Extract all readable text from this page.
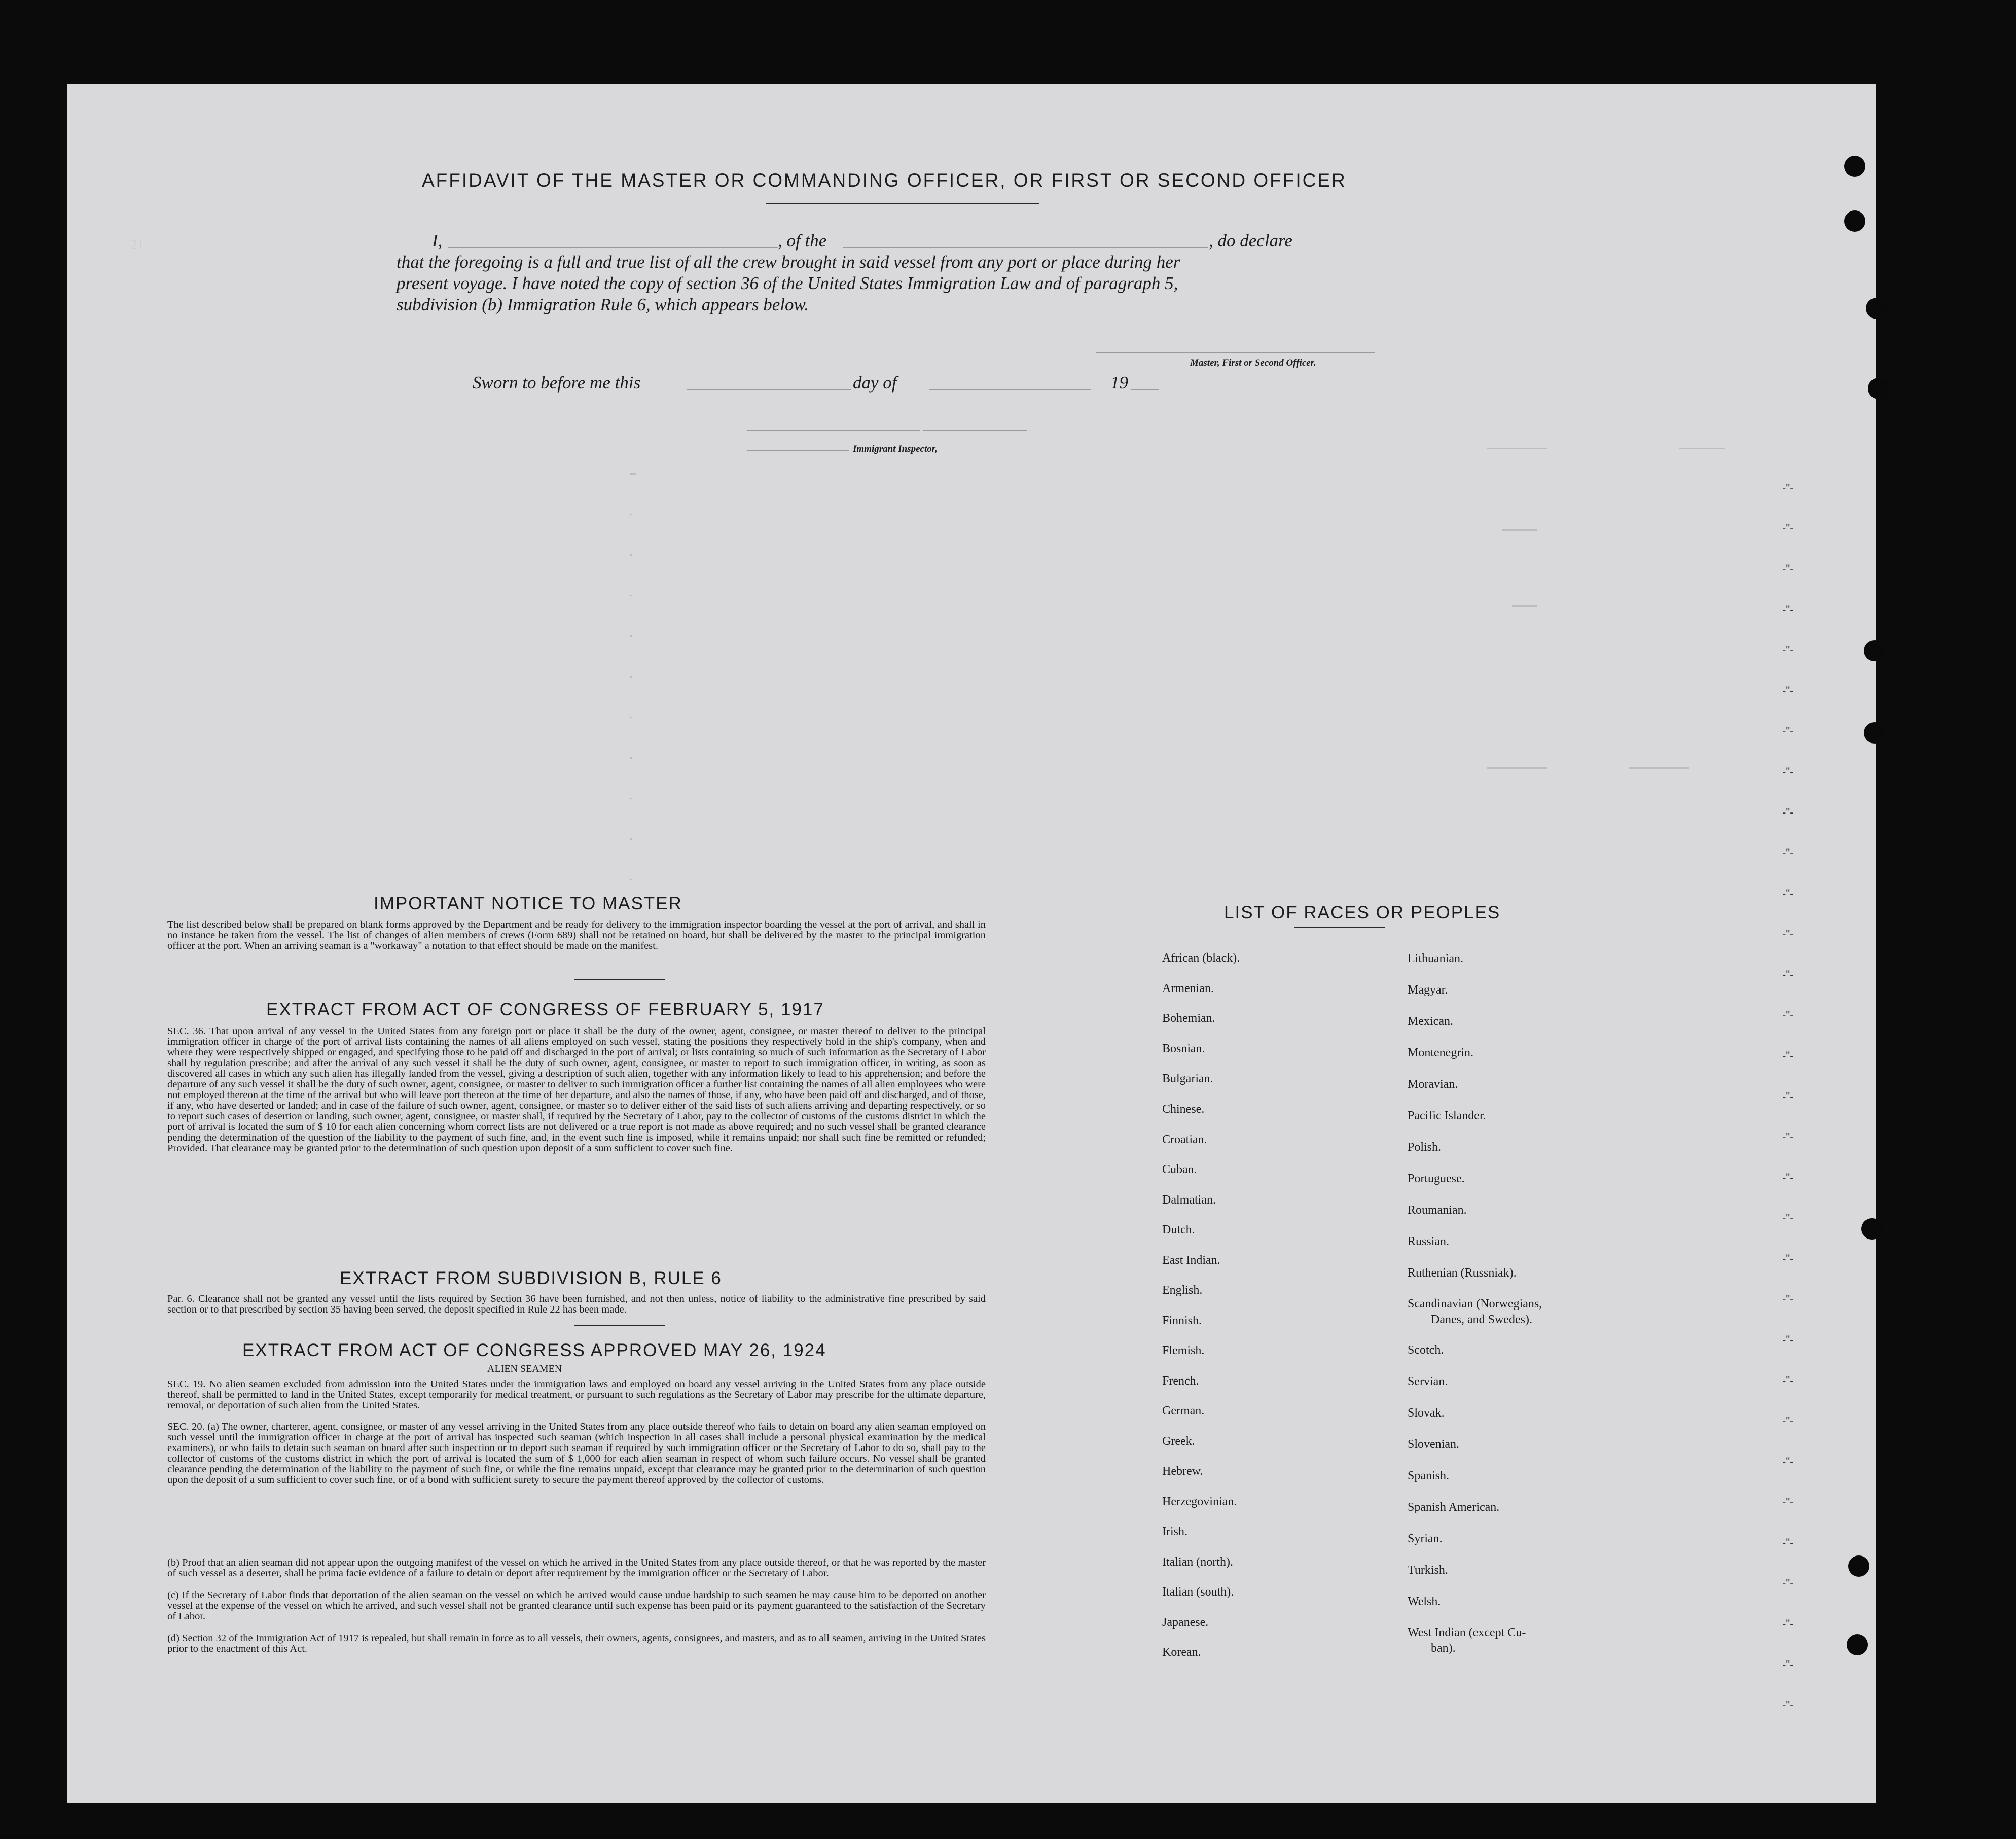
AFFIDAVIT OF THE MASTER OR COMMANDING OFFICER, OR FIRST OR SECOND OFFICER
I,	, of the	, do declare
that the foregoing is a full and true list of all the crew brought in said vessel from any port or place during her
present voyage. I have noted the copy of section 36 of the United States Immigration Law and of paragraph 5,
subdivision (b) Immigration Rule 6, which appears below.
Master, First or Second Officer.
Sworn to before me this	day of	19
Immigrant Inspector,
-"-
-"-
-"-
-"-
-"-
-"-
-"-
-"-
-"-
-"-
-"-
-"-
-"-
-"-
-"-
-"-
-"-
-"-
-"-
-"-
-"-
-"-
-"-
-"-
-"-
-"-
-"-
-"-
-"-
-"-
-"-
IMPORTANT NOTICE TO MASTER
The list described below shall be prepared on blank forms approved by the Department and be ready for delivery to the immigration inspector boarding the vessel at the port of arrival, and shall in no instance be taken from the vessel. The list of changes of alien members of crews (Form 689) shall not be retained on board, but shall be delivered by the master to the principal immigration officer at the port. When an arriving seaman is a "workaway" a notation to that effect should be made on the manifest.
EXTRACT FROM ACT OF CONGRESS OF FEBRUARY 5, 1917
SEC. 36. That upon arrival of any vessel in the United States from any foreign port or place it shall be the duty of the owner, agent, consignee, or master thereof to deliver to the principal immigration officer in charge of the port of arrival lists containing the names of all aliens employed on such vessel, stating the positions they respectively hold in the ship's company, when and where they were respectively shipped or engaged, and specifying those to be paid off and discharged in the port of arrival; or lists containing so much of such information as the Secretary of Labor shall by regulation prescribe; and after the arrival of any such vessel it shall be the duty of such owner, agent, consignee, or master to report to such immigration officer, in writing, as soon as discovered all cases in which any such alien has illegally landed from the vessel, giving a description of such alien, together with any information likely to lead to his apprehension; and before the departure of any such vessel it shall be the duty of such owner, agent, consignee, or master to deliver to such immigration officer a further list containing the names of all alien employees who were not employed thereon at the time of the arrival but who will leave port thereon at the time of her departure, and also the names of those, if any, who have been paid off and discharged, and of those, if any, who have deserted or landed; and in case of the failure of such owner, agent, consignee, or master so to deliver either of the said lists of such aliens arriving and departing respectively, or so to report such cases of desertion or landing, such owner, agent, consignee, or master shall, if required by the Secretary of Labor, pay to the collector of customs of the customs district in which the port of arrival is located the sum of $ 10 for each alien concerning whom correct lists are not delivered or a true report is not made as above required; and no such vessel shall be granted clearance pending the determination of the question of the liability to the payment of such fine, and, in the event such fine is imposed, while it remains unpaid; nor shall such fine be remitted or refunded; Provided. That clearance may be granted prior to the determination of such question upon deposit of a sum sufficient to cover such fine.
EXTRACT FROM SUBDIVISION B, RULE 6
Par. 6. Clearance shall not be granted any vessel until the lists required by Section 36 have been furnished, and not then unless, notice of liability to the administrative fine prescribed by said section or to that prescribed by section 35 having been served, the deposit specified in Rule 22 has been made.
EXTRACT FROM ACT OF CONGRESS APPROVED MAY 26, 1924
ALIEN SEAMEN
SEC. 19. No alien seamen excluded from admission into the United States under the immigration laws and employed on board any vessel arriving in the United States from any place outside thereof, shall be permitted to land in the United States, except temporarily for medical treatment, or pursuant to such regulations as the Secretary of Labor may prescribe for the ultimate departure, removal, or deportation of such alien from the United States.
SEC. 20. (a) The owner, charterer, agent, consignee, or master of any vessel arriving in the United States from any place outside thereof who fails to detain on board any alien seaman employed on such vessel until the immigration officer in charge at the port of arrival has inspected such seaman (which inspection in all cases shall include a personal physical examination by the medical examiners), or who fails to detain such seaman on board after such inspection or to deport such seaman if required by such immigration officer or the Secretary of Labor to do so, shall pay to the collector of customs of the customs district in which the port of arrival is located the sum of $ 1,000 for each alien seaman in respect of whom such failure occurs. No vessel shall be granted clearance pending the determination of the liability to the payment of such fine, or while the fine remains unpaid, except that clearance may be granted prior to the determination of such question upon the deposit of a sum sufficient to cover such fine, or of a bond with sufficient surety to secure the payment thereof approved by the collector of customs.
(b) Proof that an alien seaman did not appear upon the outgoing manifest of the vessel on which he arrived in the United States from any place outside thereof, or that he was reported by the master of such vessel as a deserter, shall be prima facie evidence of a failure to detain or deport after requirement by the immigration officer or the Secretary of Labor.
(c) If the Secretary of Labor finds that deportation of the alien seaman on the vessel on which he arrived would cause undue hardship to such seamen he may cause him to be deported on another vessel at the expense of the vessel on which he arrived, and such vessel shall not be granted clearance until such expense has been paid or its payment guaranteed to the satisfaction of the Secretary of Labor.
(d) Section 32 of the Immigration Act of 1917 is repealed, but shall remain in force as to all vessels, their owners, agents, consignees, and masters, and as to all seamen, arriving in the United States prior to the enactment of this Act.
LIST OF RACES OR PEOPLES
African (black).
Armenian.
Bohemian.
Bosnian.
Bulgarian.
Chinese.
Croatian.
Cuban.
Dalmatian.
Dutch.
East Indian.
English.
Finnish.
Flemish.
French.
German.
Greek.
Hebrew.
Herzegovinian.
Irish.
Italian (north).
Italian (south).
Japanese.
Korean.
Lithuanian.
Magyar.
Mexican.
Montenegrin.
Moravian.
Pacific Islander.
Polish.
Portuguese.
Roumanian.
Russian.
Ruthenian (Russniak).
Scandinavian (Norwegians,
Danes, and Swedes).
Scotch.
Servian.
Slovak.
Slovenian.
Spanish.
Spanish American.
Syrian.
Turkish.
Welsh.
West Indian (except Cu-
ban).
21
